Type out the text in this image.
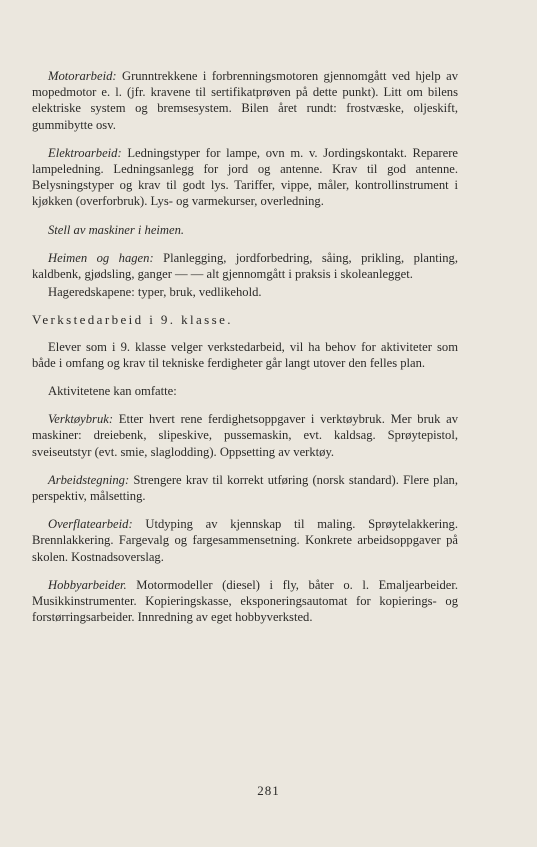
Motorarbeid: Grunntrekkene i forbrenningsmotoren gjennomgått ved hjelp av mopedmotor e. l. (jfr. kravene til sertifikatprøven på dette punkt). Litt om bilens elektriske system og bremsesystem. Bilen året rundt: frostvæske, oljeskift, gummibytte osv.

Elektroarbeid: Ledningstyper for lampe, ovn m. v. Jordingskontakt. Reparere lampeledning. Ledningsanlegg for jord og antenne. Krav til god antenne. Belysningstyper og krav til godt lys. Tariffer, vippe, måler, kontrollinstrument i kjøkken (overforbruk). Lys- og varmekurser, overledning.

Stell av maskiner i heimen.

Heimen og hagen: Planlegging, jordforbedring, såing, prikling, planting, kaldbenk, gjødsling, ganger — — alt gjennomgått i praksis i skoleanlegget.

Hageredskapene: typer, bruk, vedlikehold.

Verkstedarbeid i 9. klasse.

Elever som i 9. klasse velger verkstedarbeid, vil ha behov for aktiviteter som både i omfang og krav til tekniske ferdigheter går langt utover den felles plan.

Aktivitetene kan omfatte:

Verktøybruk: Etter hvert rene ferdighetsoppgaver i verktøybruk. Mer bruk av maskiner: dreiebenk, slipeskive, pussemaskin, evt. kaldsag. Sprøytepistol, sveiseutstyr (evt. smie, slaglodding). Oppsetting av verktøy.

Arbeidstegning: Strengere krav til korrekt utføring (norsk standard). Flere plan, perspektiv, målsetting.

Overflatearbeid: Utdyping av kjennskap til maling. Sprøytelakkering. Brennlakkering. Fargevalg og fargesammensetning. Konkrete arbeidsoppgaver på skolen. Kostnadsoverslag.

Hobbyarbeider. Motormodeller (diesel) i fly, båter o. l. Emaljearbeider. Musikkinstrumenter. Kopieringskasse, eksponeringsautomat for kopierings- og forstørringsarbeider. Innredning av eget hobbyverksted.

281
